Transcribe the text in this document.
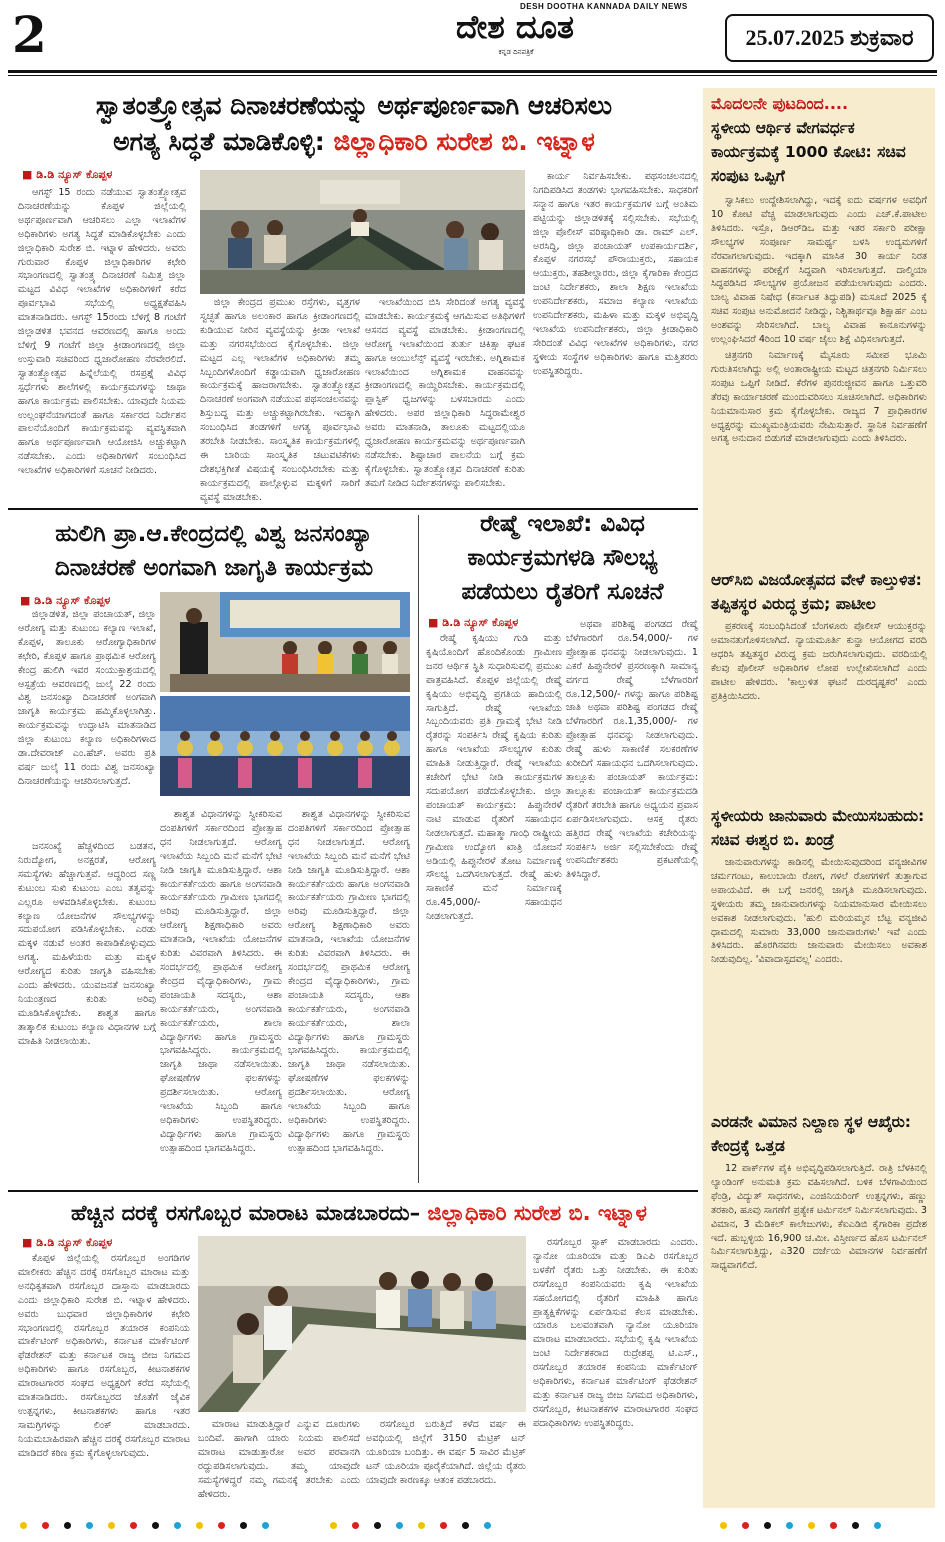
2	DESH DOOTHA KANNADA DAILY NEWS
ದೇಶ ದೂತ
ಕನ್ನಡ ದಿನಪತ್ರಿಕೆ
25.07.2025 ಶುಕ್ರವಾರ
ಸ್ವಾತಂತ್ರ್ಯೋತ್ಸವ ದಿನಾಚರಣೆಯನ್ನು ಅರ್ಥಪೂರ್ಣವಾಗಿ ಆಚರಿಸಲು
ಅಗತ್ಯ ಸಿದ್ಧತೆ ಮಾಡಿಕೊಳ್ಳಿ: ಜಿಲ್ಲಾಧಿಕಾರಿ ಸುರೇಶ ಬಿ. ಇಟ್ನಾಳ
■ ಡಿ.ಡಿ ನ್ಯೂಸ್ ಕೊಪ್ಪಳ

ಆಗಸ್ಟ್ 15 ರಂದು ನಡೆಯುವ ಸ್ವಾತಂತ್ರ್ಯೋತ್ಸವ ದಿನಾಚರಣೆಯನ್ನು ಕೊಪ್ಪಳ ಜಿಲ್ಲೆಯಲ್ಲಿ ಅರ್ಥಪೂರ್ಣವಾಗಿ ಆಚರಿಸಲು ಎಲ್ಲಾ ಇಲಾಖೆಗಳ ಅಧಿಕಾರಿಗಳು ಅಗತ್ಯ ಸಿದ್ಧತೆ ಮಾಡಿಕೊಳ್ಳಬೇಕು ಎಂದು ಜಿಲ್ಲಾಧಿಕಾರಿ ಸುರೇಶ ಬಿ. ಇಟ್ನಾಳ ಹೇಳಿದರು. ಅವರು ಗುರುವಾರ ಕೊಪ್ಪಳ ಜಿಲ್ಲಾಧಿಕಾರಿಗಳ ಕಛೇರಿ ಸಭಾಂಗಣದಲ್ಲಿ ಸ್ವಾತಂತ್ರ್ಯ ದಿನಾಚರಣೆ ನಿಮಿತ್ತ ಜಿಲ್ಲಾ ಮಟ್ಟದ ವಿವಿಧ ಇಲಾಖೆಗಳ ಅಧಿಕಾರಿಗಳಿಗೆ ಕರೆದ ಪೂರ್ವಭಾವಿ ಸಭೆಯಲ್ಲಿ ಅಧ್ಯಕ್ಷತೆವಹಿಸಿ ಮಾತನಾಡಿದರು. ಆಗಸ್ಟ್ 15ರಂದು ಬೆಳಿಗ್ಗೆ 8 ಗಂಟೆಗೆ ಜಿಲ್ಲಾಡಳಿತ ಭವನದ ಆವರಣದಲ್ಲಿ ಹಾಗೂ ಅಂದು ಬೆಳಿಗ್ಗೆ 9 ಗಂಟೆಗೆ ಜಿಲ್ಲಾ ಕ್ರೀಡಾಂಗಣದಲ್ಲಿ ಜಿಲ್ಲಾ ಉಸ್ತುವಾರಿ ಸಚಿವರಿಂದ ಧ್ವಜಾರೋಹಣ ನೆರವೇರಲಿದೆ. ಸ್ವಾತಂತ್ರ್ಯೋತ್ಸವ ಹಿನ್ನೆಲೆಯಲ್ಲಿ ರಸಪ್ರಶ್ನೆ ವಿವಿಧ ಸ್ಪರ್ಧೆಗಳು ಶಾಲೆಗಳಲ್ಲಿ ಕಾರ್ಯಕ್ರಮಗಳನ್ನು ಜಾಥಾ ಹಾಗೂ ಕಾರ್ಯಕ್ರಮ ಪಾಲಿಸಬೇಕು. ಯಾವುದೇ ನಿಯಮ ಉಲ್ಲಂಘನೆಯಾಗದಂತೆ ಹಾಗೂ ಸರ್ಕಾರದ ನಿರ್ದೇಶನ ಪಾಲನೆಯೊಂದಿಗೆ ಕಾರ್ಯಕ್ರಮವನ್ನು ವ್ಯವಸ್ಥಿತವಾಗಿ ಹಾಗೂ ಅರ್ಥಪೂರ್ಣವಾಗಿ ಆಯೋಜಿಸಿ ಅಚ್ಚುಕಟ್ಟಾಗಿ ನಡೆಸಬೇಕು. ಎಂದು ಅಧಿಕಾರಿಗಳಿಗೆ ಸಂಬಂಧಿಸಿದ ಇಲಾಖೆಗಳ ಅಧಿಕಾರಿಗಳಿಗೆ ಸೂಚನೆ ನೀಡಿದರು.

ಜಿಲ್ಲಾ ಕೇಂದ್ರದ ಪ್ರಮುಖ ರಸ್ತೆಗಳು, ವೃತ್ತಗಳ ಸ್ವಚ್ಛತೆ ಹಾಗೂ ಅಲಂಕಾರ ಹಾಗೂ ಕ್ರೀಡಾಂಗಣದಲ್ಲಿ ಕುಡಿಯುವ ನೀರಿನ ವ್ಯವಸ್ಥೆಯನ್ನು ಕ್ರೀಡಾ ಇಲಾಖೆ ಮತ್ತು ನಗರಸಭೆಯಿಂದ ಕೈಗೊಳ್ಳಬೇಕು. ಜಿಲ್ಲಾ ಮಟ್ಟದ ಎಲ್ಲ ಇಲಾಖೆಗಳ ಅಧಿಕಾರಿಗಳು ತಮ್ಮ ಸಿಬ್ಬಂದಿಗಳೊಂದಿಗೆ ಕಡ್ಡಾಯವಾಗಿ ಧ್ವಜಾರೋಹಣ ಕಾರ್ಯಕ್ರಮಕ್ಕೆ ಹಾಜರಾಗಬೇಕು. ಸ್ವಾತಂತ್ರ್ಯೋತ್ಸವ ದಿನಾಚರಣೆ ಅಂಗವಾಗಿ ನಡೆಯುವ ಪಥಸಂಚಲನವನ್ನು ಶಿಸ್ತುಬದ್ಧ ಮತ್ತು ಅಚ್ಚುಕಟ್ಟಾಗಿರಬೇಕು. ಇದಕ್ಕಾಗಿ ಸಂಬಂಧಿಸಿದ ತಂಡಗಳಿಗೆ ಅಗತ್ಯ ಪೂರ್ವಭಾವಿ ತರಬೇತಿ ನೀಡಬೇಕು. ಸಾಂಸ್ಕೃತಿಕ ಕಾರ್ಯಕ್ರಮಗಳಲ್ಲಿ ಈ ಬಾರಿಯ ಸಾಂಸ್ಕೃತಿಕ ಚಟುವಟಿಕೆಗಳು ದೇಶಭಕ್ತಿಗೀತೆ ವಿಷಯಕ್ಕೆ ಸಂಬಂಧಿಸಿರಬೇಕು ಮತ್ತು ಕಾರ್ಯಕ್ರಮದಲ್ಲಿ ಪಾಲ್ಗೊಳ್ಳುವ ಮಕ್ಕಳಿಗೆ ಸಾರಿಗೆ ವ್ಯವಸ್ಥೆ ಮಾಡಬೇಕು.

ಇಲಾಖೆಯಿಂದ ಬಿಸಿ ಸೇರಿದಂತೆ ಅಗತ್ಯ ವ್ಯವಸ್ಥೆ ಮಾಡಬೇಕು. ಕಾರ್ಯಕ್ರಮಕ್ಕೆ ಆಗಮಿಸುವ ಅತಿಥಿಗಳಿಗೆ ಆಸನದ ವ್ಯವಸ್ಥೆ ಮಾಡಬೇಕು. ಕ್ರೀಡಾಂಗಣದಲ್ಲಿ ಆರೋಗ್ಯ ಇಲಾಖೆಯಿಂದ ತುರ್ತು ಚಿಕಿತ್ಸಾ ಘಟಕ ಹಾಗೂ ಆಂಬುಲೆನ್ಸ್ ವ್ಯವಸ್ಥೆ ಇರಬೇಕು. ಅಗ್ನಿಶಾಮಕ ಇಲಾಖೆಯಿಂದ ಅಗ್ನಿಶಾಮಕ ವಾಹನವನ್ನು ಕ್ರೀಡಾಂಗಣದಲ್ಲಿ ಕಾಯ್ದಿರಿಸಬೇಕು. ಕಾರ್ಯಕ್ರಮದಲ್ಲಿ ಪ್ಲಾಸ್ಟಿಕ್ ಧ್ವಜಗಳನ್ನು ಬಳಸಬಾರದು ಎಂದು ಹೇಳಿದರು. ಅಪರ ಜಿಲ್ಲಾಧಿಕಾರಿ ಸಿದ್ಧರಾಮೇಶ್ವರ ಅವರು ಮಾತನಾಡಿ, ತಾಲೂಕು ಮಟ್ಟದಲ್ಲಿಯೂ ಧ್ವಜಾರೋಹಣ ಕಾರ್ಯಕ್ರಮವನ್ನು ಅರ್ಥಪೂರ್ಣವಾಗಿ ನಡೆಸಬೇಕು. ಶಿಷ್ಟಾಚಾರ ಪಾಲನೆಯ ಬಗ್ಗೆ ಕ್ರಮ ಕೈಗೊಳ್ಳಬೇಕು. ಸ್ವಾತಂತ್ರ್ಯೋತ್ಸವ ದಿನಾಚರಣೆ ಕುರಿತು ತಮಗೆ ನೀಡಿದ ನಿರ್ದೇಶನಗಳನ್ನು ಪಾಲಿಸಬೇಕು.

ಕಾರ್ಯ ನಿರ್ವಹಿಸಬೇಕು. ಪಥಸಂಚಲನದಲ್ಲಿ ನಿಗದಿಪಡಿಸಿದ ತಂಡಗಳು ಭಾಗವಹಿಸಬೇಕು. ಸಾಧಕರಿಗೆ ಸನ್ಮಾನ ಹಾಗೂ ಇತರ ಕಾರ್ಯಕ್ರಮಗಳ ಬಗ್ಗೆ ಅಂತಿಮ ಪಟ್ಟಿಯನ್ನು ಜಿಲ್ಲಾಡಳಿತಕ್ಕೆ ಸಲ್ಲಿಸಬೇಕು. ಸಭೆಯಲ್ಲಿ ಜಿಲ್ಲಾ ಪೊಲೀಸ್ ವರಿಷ್ಠಾಧಿಕಾರಿ ಡಾ. ರಾಮ್ ಎಲ್. ಅರಸಿದ್ಧಿ, ಜಿಲ್ಲಾ ಪಂಚಾಯತ್ ಉಪಕಾರ್ಯದರ್ಶಿ, ಕೊಪ್ಪಳ ನಗರಸಭೆ ಪೌರಾಯುಕ್ತರು, ಸಹಾಯಕ ಆಯುಕ್ತರು, ತಹಶೀಲ್ದಾರರು, ಜಿಲ್ಲಾ ಕೈಗಾರಿಕಾ ಕೇಂದ್ರದ ಜಂಟಿ ನಿರ್ದೇಶಕರು, ಶಾಲಾ ಶಿಕ್ಷಣ ಇಲಾಖೆಯ ಉಪನಿರ್ದೇಶಕರು, ಸಮಾಜ ಕಲ್ಯಾಣ ಇಲಾಖೆಯ ಉಪನಿರ್ದೇಶಕರು, ಮಹಿಳಾ ಮತ್ತು ಮಕ್ಕಳ ಅಭಿವೃದ್ಧಿ ಇಲಾಖೆಯ ಉಪನಿರ್ದೇಶಕರು, ಜಿಲ್ಲಾ ಕ್ರೀಡಾಧಿಕಾರಿ ಸೇರಿದಂತೆ ವಿವಿಧ ಇಲಾಖೆಗಳ ಅಧಿಕಾರಿಗಳು, ನಗರ ಸ್ಥಳೀಯ ಸಂಸ್ಥೆಗಳ ಅಧಿಕಾರಿಗಳು ಹಾಗೂ ಮತ್ತಿತರರು ಉಪಸ್ಥಿತರಿದ್ದರು.

ಹುಲಿಗಿ ಪ್ರಾ.ಆ.ಕೇಂದ್ರದಲ್ಲಿ ವಿಶ್ವ ಜನಸಂಖ್ಯಾ
ದಿನಾಚರಣೆ ಅಂಗವಾಗಿ ಜಾಗೃತಿ ಕಾರ್ಯಕ್ರಮ
■ ಡಿ.ಡಿ ನ್ಯೂಸ್ ಕೊಪ್ಪಳ

ಜಿಲ್ಲಾಡಳಿತ, ಜಿಲ್ಲಾ ಪಂಚಾಯತ್, ಜಿಲ್ಲಾ ಆರೋಗ್ಯ ಮತ್ತು ಕುಟುಂಬ ಕಲ್ಯಾಣ ಇಲಾಖೆ, ಕೊಪ್ಪಳ, ತಾಲೂಕು ಆರೋಗ್ಯಾಧಿಕಾರಿಗಳ ಕಛೇರಿ, ಕೊಪ್ಪಳ ಹಾಗೂ ಪ್ರಾಥಮಿಕ ಆರೋಗ್ಯ ಕೇಂದ್ರ ಹುಲಿಗಿ ಇವರ ಸಂಯುಕ್ತಾಶ್ರಯದಲ್ಲಿ ಆಸ್ಪತ್ರೆಯ ಆವರಣದಲ್ಲಿ ಜುಲೈ 22 ರಂದು ವಿಶ್ವ ಜನಸಂಖ್ಯಾ ದಿನಾಚರಣೆ ಅಂಗವಾಗಿ ಜಾಗೃತಿ ಕಾರ್ಯಕ್ರಮ ಹಮ್ಮಿಕೊಳ್ಳಲಾಗಿತ್ತು. ಕಾರ್ಯಕ್ರಮವನ್ನು ಉದ್ಘಾಟಿಸಿ ಮಾತನಾಡಿದ ಜಿಲ್ಲಾ ಕುಟುಂಬ ಕಲ್ಯಾಣ ಅಧಿಕಾರಿಗಳಾದ ಡಾ.ದೇವರಾಜ್ ಎಂ.ಹೆಚ್. ಅವರು ಪ್ರತಿ ವರ್ಷ ಜುಲೈ 11 ರಂದು ವಿಶ್ವ ಜನಸಂಖ್ಯಾ ದಿನಾಚರಣೆಯನ್ನು ಆಚರಿಸಲಾಗುತ್ತದೆ.

ಶಾಶ್ವತ ವಿಧಾನಗಳನ್ನು ಸ್ವೀಕರಿಸುವ ದಂಪತಿಗಳಿಗೆ ಸರ್ಕಾರದಿಂದ ಪ್ರೋತ್ಸಾಹ ಧನ ನೀಡಲಾಗುತ್ತದೆ. ಆರೋಗ್ಯ ಇಲಾಖೆಯ ಸಿಬ್ಬಂದಿ ಮನೆ ಮನೆಗೆ ಭೇಟಿ ನೀಡಿ ಜಾಗೃತಿ ಮೂಡಿಸುತ್ತಿದ್ದಾರೆ. ಆಶಾ ಕಾರ್ಯಕರ್ತೆಯರು ಹಾಗೂ ಅಂಗನವಾಡಿ ಕಾರ್ಯಕರ್ತೆಯರು ಗ್ರಾಮೀಣ ಭಾಗದಲ್ಲಿ ಅರಿವು ಮೂಡಿಸುತ್ತಿದ್ದಾರೆ. ಜಿಲ್ಲಾ ಆರೋಗ್ಯ ಶಿಕ್ಷಣಾಧಿಕಾರಿ ಅವರು ಮಾತನಾಡಿ, ಇಲಾಖೆಯ ಯೋಜನೆಗಳ ಕುರಿತು ವಿವರವಾಗಿ ತಿಳಿಸಿದರು. ಈ ಸಂದರ್ಭದಲ್ಲಿ ಪ್ರಾಥಮಿಕ ಆರೋಗ್ಯ ಕೇಂದ್ರದ ವೈದ್ಯಾಧಿಕಾರಿಗಳು, ಗ್ರಾಮ ಪಂಚಾಯತಿ ಸದಸ್ಯರು, ಆಶಾ ಕಾರ್ಯಕರ್ತೆಯರು, ಅಂಗನವಾಡಿ ಕಾರ್ಯಕರ್ತೆಯರು, ಶಾಲಾ ವಿದ್ಯಾರ್ಥಿಗಳು ಹಾಗೂ ಗ್ರಾಮಸ್ಥರು ಭಾಗವಹಿಸಿದ್ದರು. ಕಾರ್ಯಕ್ರಮದಲ್ಲಿ ಜಾಗೃತಿ ಜಾಥಾ ನಡೆಸಲಾಯಿತು. ಘೋಷಣೆಗಳ ಫಲಕಗಳನ್ನು ಪ್ರದರ್ಶಿಸಲಾಯಿತು. ಆರೋಗ್ಯ ಇಲಾಖೆಯ ಸಿಬ್ಬಂದಿ ಹಾಗೂ ಅಧಿಕಾರಿಗಳು ಉಪಸ್ಥಿತರಿದ್ದರು. ವಿದ್ಯಾರ್ಥಿಗಳು ಹಾಗೂ ಗ್ರಾಮಸ್ಥರು ಉತ್ಸಾಹದಿಂದ ಭಾಗವಹಿಸಿದ್ದರು.

ಜನಸಂಖ್ಯೆ ಹೆಚ್ಚಳದಿಂದ ಬಡತನ, ನಿರುದ್ಯೋಗ, ಅನಕ್ಷರತೆ, ಆರೋಗ್ಯ ಸಮಸ್ಯೆಗಳು ಹೆಚ್ಚಾಗುತ್ತವೆ. ಆದ್ದರಿಂದ ಸಣ್ಣ ಕುಟುಂಬ ಸುಖಿ ಕುಟುಂಬ ಎಂಬ ತತ್ವವನ್ನು ಎಲ್ಲರೂ ಅಳವಡಿಸಿಕೊಳ್ಳಬೇಕು. ಕುಟುಂಬ ಕಲ್ಯಾಣ ಯೋಜನೆಗಳ ಸೌಲಭ್ಯಗಳನ್ನು ಸದುಪಯೋಗ ಪಡಿಸಿಕೊಳ್ಳಬೇಕು. ಎರಡು ಮಕ್ಕಳ ನಡುವೆ ಅಂತರ ಕಾಪಾಡಿಕೊಳ್ಳುವುದು ಅಗತ್ಯ. ಮಹಿಳೆಯರು ಮತ್ತು ಮಕ್ಕಳ ಆರೋಗ್ಯದ ಕುರಿತು ಜಾಗೃತಿ ವಹಿಸಬೇಕು ಎಂದು ಹೇಳಿದರು. ಯುವಜನತೆ ಜನಸಂಖ್ಯಾ ನಿಯಂತ್ರಣದ ಕುರಿತು ಅರಿವು ಮೂಡಿಸಿಕೊಳ್ಳಬೇಕು. ಶಾಶ್ವತ ಹಾಗೂ ತಾತ್ಕಾಲಿಕ ಕುಟುಂಬ ಕಲ್ಯಾಣ ವಿಧಾನಗಳ ಬಗ್ಗೆ ಮಾಹಿತಿ ನೀಡಲಾಯಿತು.

ಶಾಶ್ವತ ವಿಧಾನಗಳನ್ನು ಸ್ವೀಕರಿಸುವ ದಂಪತಿಗಳಿಗೆ ಸರ್ಕಾರದಿಂದ ಪ್ರೋತ್ಸಾಹ ಧನ ನೀಡಲಾಗುತ್ತದೆ. ಆರೋಗ್ಯ ಇಲಾಖೆಯ ಸಿಬ್ಬಂದಿ ಮನೆ ಮನೆಗೆ ಭೇಟಿ ನೀಡಿ ಜಾಗೃತಿ ಮೂಡಿಸುತ್ತಿದ್ದಾರೆ. ಆಶಾ ಕಾರ್ಯಕರ್ತೆಯರು ಹಾಗೂ ಅಂಗನವಾಡಿ ಕಾರ್ಯಕರ್ತೆಯರು ಗ್ರಾಮೀಣ ಭಾಗದಲ್ಲಿ ಅರಿವು ಮೂಡಿಸುತ್ತಿದ್ದಾರೆ. ಜಿಲ್ಲಾ ಆರೋಗ್ಯ ಶಿಕ್ಷಣಾಧಿಕಾರಿ ಅವರು ಮಾತನಾಡಿ, ಇಲಾಖೆಯ ಯೋಜನೆಗಳ ಕುರಿತು ವಿವರವಾಗಿ ತಿಳಿಸಿದರು. ಈ ಸಂದರ್ಭದಲ್ಲಿ ಪ್ರಾಥಮಿಕ ಆರೋಗ್ಯ ಕೇಂದ್ರದ ವೈದ್ಯಾಧಿಕಾರಿಗಳು, ಗ್ರಾಮ ಪಂಚಾಯತಿ ಸದಸ್ಯರು, ಆಶಾ ಕಾರ್ಯಕರ್ತೆಯರು, ಅಂಗನವಾಡಿ ಕಾರ್ಯಕರ್ತೆಯರು, ಶಾಲಾ ವಿದ್ಯಾರ್ಥಿಗಳು ಹಾಗೂ ಗ್ರಾಮಸ್ಥರು ಭಾಗವಹಿಸಿದ್ದರು. ಕಾರ್ಯಕ್ರಮದಲ್ಲಿ ಜಾಗೃತಿ ಜಾಥಾ ನಡೆಸಲಾಯಿತು. ಘೋಷಣೆಗಳ ಫಲಕಗಳನ್ನು ಪ್ರದರ್ಶಿಸಲಾಯಿತು. ಆರೋಗ್ಯ ಇಲಾಖೆಯ ಸಿಬ್ಬಂದಿ ಹಾಗೂ ಅಧಿಕಾರಿಗಳು ಉಪಸ್ಥಿತರಿದ್ದರು. ವಿದ್ಯಾರ್ಥಿಗಳು ಹಾಗೂ ಗ್ರಾಮಸ್ಥರು ಉತ್ಸಾಹದಿಂದ ಭಾಗವಹಿಸಿದ್ದರು.

ರೇಷ್ಮೆ ಇಲಾಖೆ: ವಿವಿಧ
ಕಾರ್ಯಕ್ರಮಗಳಡಿ ಸೌಲಭ್ಯ
ಪಡೆಯಲು ರೈತರಿಗೆ ಸೂಚನೆ
■ ಡಿ.ಡಿ ನ್ಯೂಸ್ ಕೊಪ್ಪಳ

ರೇಷ್ಮೆ ಕೃಷಿಯು ಗುಡಿ ಮತ್ತು ಕೃಷಿಯೊಂದಿಗೆ ಹೊಂದಿಕೊಂಡು ಗ್ರಾಮೀಣ ಜನರ ಆರ್ಥಿಕ ಸ್ಥಿತಿ ಸುಧಾರಿಸುವಲ್ಲಿ ಪ್ರಮುಖ ಪಾತ್ರವಹಿಸಿದೆ. ಕೊಪ್ಪಳ ಜಿಲ್ಲೆಯಲ್ಲಿ ರೇಷ್ಮೆ ಕೃಷಿಯು ಅಭಿವೃದ್ಧಿ ಪ್ರಗತಿಯ ಹಾದಿಯಲ್ಲಿ ಸಾಗುತ್ತಿದೆ. ರೇಷ್ಮೆ ಇಲಾಖೆಯ ಸಿಬ್ಬಂದಿಯವರು ಪ್ರತಿ ಗ್ರಾಮಕ್ಕೆ ಭೇಟಿ ನೀಡಿ ರೈತರನ್ನು ಸಂಪರ್ಕಿಸಿ ರೇಷ್ಮೆ ಕೃಷಿಯ ಕುರಿತು ಹಾಗೂ ಇಲಾಖೆಯ ಸೌಲಭ್ಯಗಳ ಕುರಿತು ಮಾಹಿತಿ ನೀಡುತ್ತಿದ್ದಾರೆ. ರೇಷ್ಮೆ ಇಲಾಖೆಯ ಕಚೇರಿಗೆ ಭೇಟಿ ನೀಡಿ ಕಾರ್ಯಕ್ರಮಗಳ ಸದುಪಯೋಗ ಪಡೆದುಕೊಳ್ಳಬೇಕು. ಜಿಲ್ಲಾ ಪಂಚಾಯತ್ ಕಾರ್ಯಕ್ರಮ: ಹಿಪ್ಪುನೇರಳೆ ನಾಟಿ ಮಾಡುವ ರೈತರಿಗೆ ಸಹಾಯಧನ ನೀಡಲಾಗುತ್ತದೆ. ಮಹಾತ್ಮಾ ಗಾಂಧಿ ರಾಷ್ಟ್ರೀಯ ಗ್ರಾಮೀಣ ಉದ್ಯೋಗ ಖಾತ್ರಿ ಯೋಜನೆ ಅಡಿಯಲ್ಲಿ ಹಿಪ್ಪುನೇರಳೆ ತೋಟ ನಿರ್ಮಾಣಕ್ಕೆ ಸೌಲಭ್ಯ ಒದಗಿಸಲಾಗುತ್ತದೆ. ರೇಷ್ಮೆ ಹುಳು ಸಾಕಾಣಿಕೆ ಮನೆ ನಿರ್ಮಾಣಕ್ಕೆ ರೂ.45,000/- ಸಹಾಯಧನ ನೀಡಲಾಗುತ್ತದೆ.

ಅಥವಾ ಪರಿಶಿಷ್ಟ ಪಂಗಡದ ರೇಷ್ಮೆ ಬೆಳೆಗಾರರಿಗೆ ರೂ.54,000/- ಗಳ ಪ್ರೋತ್ಸಾಹ ಧನವನ್ನು ನೀಡಲಾಗುವುದು. 1 ಎಕರೆ ಹಿಪ್ಪುನೇರಳೆ ಪ್ರಸರಣಕ್ಕಾಗಿ ಸಾಮಾನ್ಯ ವರ್ಗದ ರೇಷ್ಮೆ ಬೆಳೆಗಾರರಿಗೆ ರೂ.12,500/- ಗಳನ್ನು ಹಾಗೂ ಪರಿಶಿಷ್ಟ ಜಾತಿ ಅಥವಾ ಪರಿಶಿಷ್ಟ ಪಂಗಡದ ರೇಷ್ಮೆ ಬೆಳೆಗಾರರಿಗೆ ರೂ.1,35,000/- ಗಳ ಪ್ರೋತ್ಸಾಹ ಧನವನ್ನು ನೀಡಲಾಗುವುದು. ರೇಷ್ಮೆ ಹುಳು ಸಾಕಾಣಿಕೆ ಸಲಕರಣೆಗಳ ಖರೀದಿಗೆ ಸಹಾಯಧನ ಒದಗಿಸಲಾಗುವುದು. ತಾಲ್ಲೂಕು ಪಂಚಾಯತ್ ಕಾರ್ಯಕ್ರಮ: ತಾಲ್ಲೂಕು ಪಂಚಾಯತ್ ಕಾರ್ಯಕ್ರಮದಡಿ ರೈತರಿಗೆ ತರಬೇತಿ ಹಾಗೂ ಅಧ್ಯಯನ ಪ್ರವಾಸ ಏರ್ಪಡಿಸಲಾಗುವುದು. ಆಸಕ್ತ ರೈತರು ಹತ್ತಿರದ ರೇಷ್ಮೆ ಇಲಾಖೆಯ ಕಚೇರಿಯನ್ನು ಸಂಪರ್ಕಿಸಿ ಅರ್ಜಿ ಸಲ್ಲಿಸಬೇಕೆಂದು ರೇಷ್ಮೆ ಉಪನಿರ್ದೇಶಕರು ಪ್ರಕಟಣೆಯಲ್ಲಿ ತಿಳಿಸಿದ್ದಾರೆ.

ಹೆಚ್ಚಿನ ದರಕ್ಕೆ ರಸಗೊಬ್ಬರ ಮಾರಾಟ ಮಾಡಬಾರದು– ಜಿಲ್ಲಾಧಿಕಾರಿ ಸುರೇಶ ಬಿ. ಇಟ್ನಾಳ
■ ಡಿ.ಡಿ ನ್ಯೂಸ್ ಕೊಪ್ಪಳ

ಕೊಪ್ಪಳ ಜಿಲ್ಲೆಯಲ್ಲಿ ರಸಗೊಬ್ಬರ ಅಂಗಡಿಗಳ ಮಾಲೀಕರು ಹೆಚ್ಚಿನ ದರಕ್ಕೆ ರಸಗೊಬ್ಬರ ಮಾರಾಟ ಮತ್ತು ಅನಧಿಕೃತವಾಗಿ ರಸಗೊಬ್ಬರ ದಾಸ್ತಾನು ಮಾಡಬಾರದು ಎಂದು ಜಿಲ್ಲಾಧಿಕಾರಿ ಸುರೇಶ ಬಿ. ಇಟ್ನಾಳ ಹೇಳಿದರು. ಅವರು ಬುಧವಾರ ಜಿಲ್ಲಾಧಿಕಾರಿಗಳ ಕಛೇರಿ ಸಭಾಂಗಣದಲ್ಲಿ ರಸಗೊಬ್ಬರ ತಯಾರಕ ಕಂಪನಿಯ ಮಾರ್ಕೆಟಿಂಗ್ ಅಧಿಕಾರಿಗಳು, ಕರ್ನಾಟಕ ಮಾರ್ಕೆಟಿಂಗ್ ಫೆಡರೇಶನ್ ಮತ್ತು ಕರ್ನಾಟಕ ರಾಜ್ಯ ಬೀಜ ನಿಗಮದ ಅಧಿಕಾರಿಗಳು ಹಾಗೂ ರಸಗೊಬ್ಬರ, ಕೀಟನಾಶಕಗಳ ಮಾರಾಟಗಾರರ ಸಂಘದ ಅಧ್ಯಕ್ಷರಿಗೆ ಕರೆದ ಸಭೆಯಲ್ಲಿ ಮಾತನಾಡಿದರು. ರಸಗೊಬ್ಬರದ ಜೊತೆಗೆ ಜೈವಿಕ ಉತ್ಪನ್ನಗಳು, ಕೀಟನಾಶಕಗಳು ಹಾಗೂ ಇತರ ಸಾಮಗ್ರಿಗಳನ್ನು ಲಿಂಕ್ ಮಾಡಬಾರದು. ನಿಯಮಬಾಹಿರವಾಗಿ ಹೆಚ್ಚಿನ ದರಕ್ಕೆ ರಸಗೊಬ್ಬರ ಮಾರಾಟ ಮಾಡಿದರೆ ಕಠಿಣ ಕ್ರಮ ಕೈಗೊಳ್ಳಲಾಗುವುದು.

ಮಾರಾಟ ಮಾಡುತ್ತಿದ್ದಾರೆ ಎನ್ನುವ ದೂರುಗಳು ಬಂದಿವೆ. ಹಾಗಾಗಿ ಯಾರು ನಿಯಮ ಪಾಲಿಸದೆ ಮಾರಾಟ ಮಾಡುತ್ತಾರೋ ಅವರ ಪರವಾನಗಿ ರದ್ದುಪಡಿಸಲಾಗುವುದು. ತಮ್ಮ ಯಾವುದೇ ಸಮಸ್ಯೆಗಳಿದ್ದರೆ ನಮ್ಮ ಗಮನಕ್ಕೆ ತರಬೇಕು ಎಂದು ಹೇಳಿದರು.

ರಸಗೊಬ್ಬರ ಬರುತ್ತಿದೆ ಕಳೆದ ವರ್ಷ ಈ ಅವಧಿಯಲ್ಲಿ ಜಿಲ್ಲೆಗೆ 3150 ಮೆಟ್ರಿಕ್ ಟನ್ ಯೂರಿಯಾ ಬಂದಿತ್ತು. ಈ ವರ್ಷ 5 ಸಾವಿರ ಮೆಟ್ರಿಕ್ ಟನ್ ಯೂರಿಯಾ ಪೂರೈಕೆಯಾಗಿದೆ. ಜಿಲ್ಲೆಯ ರೈತರು ಯಾವುದೇ ಕಾರಣಕ್ಕೂ ಆತಂಕ ಪಡಬಾರದು.

ರಸಗೊಬ್ಬರ ಸ್ಟಾಕ್ ಮಾಡಬಾರದು ಎಂದರು. ನ್ಯಾನೋ ಯೂರಿಯಾ ಮತ್ತು ಡಿಎಪಿ ರಸಗೊಬ್ಬರ ಬಳಕೆಗೆ ರೈತರು ಒತ್ತು ನೀಡಬೇಕು. ಈ ಕುರಿತು ರಸಗೊಬ್ಬರ ಕಂಪನಿಯವರು ಕೃಷಿ ಇಲಾಖೆಯ ಸಹಯೋಗದಲ್ಲಿ ರೈತರಿಗೆ ಮಾಹಿತಿ ಹಾಗೂ ಪ್ರಾತ್ಯಕ್ಷಿಕೆಗಳನ್ನು ಏರ್ಪಡಿಸುವ ಕೆಲಸ ಮಾಡಬೇಕು. ಯಾರೂ ಬಲವಂತವಾಗಿ ನ್ಯಾನೋ ಯೂರಿಯಾ ಮಾರಾಟ ಮಾಡಬಾರದು. ಸಭೆಯಲ್ಲಿ ಕೃಷಿ ಇಲಾಖೆಯ ಜಂಟಿ ನಿರ್ದೇಶಕರಾದ ರುದ್ರೇಶಪ್ಪ ಟಿ.ಎಸ್., ರಸಗೊಬ್ಬರ ತಯಾರಕ ಕಂಪನಿಯ ಮಾರ್ಕೆಟಿಂಗ್ ಅಧಿಕಾರಿಗಳು, ಕರ್ನಾಟಕ ಮಾರ್ಕೆಟಿಂಗ್ ಫೆಡರೇಶನ್ ಮತ್ತು ಕರ್ನಾಟಕ ರಾಜ್ಯ ಬೀಜ ನಿಗಮದ ಅಧಿಕಾರಿಗಳು, ರಸಗೊಬ್ಬರ, ಕೀಟನಾಶಕಗಳ ಮಾರಾಟಗಾರರ ಸಂಘದ ಪದಾಧಿಕಾರಿಗಳು ಉಪಸ್ಥಿತರಿದ್ದರು.

ಮೊದಲನೇ ಪುಟದಿಂದ....
ಸ್ಥಳೀಯ ಆರ್ಥಿಕ ವೇಗವರ್ಧಕ ಕಾರ್ಯಕ್ರಮಕ್ಕೆ 1000 ಕೋಟಿ: ಸಚಿವ ಸಂಪುಟ ಒಪ್ಪಿಗೆ

ಸ್ವಾಸಿಕಲು ಉದ್ದೇಶಿಸಲಾಗಿದ್ದು, ಇದಕ್ಕೆ ಐದು ವರ್ಷಗಳ ಅವಧಿಗೆ 10 ಕೋಟಿ ವೆಚ್ಚ ಮಾಡಲಾಗುವುದು ಎಂದು ಎಚ್.ಕೆ.ಪಾಟೀಲ ತಿಳಿಸಿದರು. ಇಸ್ರೊ, ಡಿಆರ್‌ಡಿಒ ಮತ್ತು ಇತರ ಸರ್ಕಾರಿ ಪರೀಕ್ಷಾ ಸೌಲಭ್ಯಗಳ ಸಂಪೂರ್ಣ ಸಾಮರ್ಥ್ಯ ಬಳಸಿ ಉದ್ಯಮಗಳಿಗೆ ನೆರವಾಗಲಾಗುವುದು. ಇದಕ್ಕಾಗಿ ಮಾಸಿಕ 30 ಕಾರ್ಯ ನಿರತ ವಾಹನಗಳನ್ನು ಪರೀಕ್ಷೆಗೆ ಸಿದ್ಧವಾಗಿ ಇರಿಸಲಾಗುತ್ತದೆ. ದಾಲ್ಮಿಯಾ ಸಿದ್ಧಪಡಿಸಿದ ಸೌಲಭ್ಯಗಳ ಪ್ರಯೋಜನ ಪಡೆಯಲಾಗುವುದು ಎಂದರು. ಬಾಲ್ಯ ವಿವಾಹ ನಿಷೇಧ (ಕರ್ನಾಟಕ ತಿದ್ದುಪಡಿ) ಮಸೂದೆ 2025 ಕ್ಕೆ ಸಚಿವ ಸಂಪುಟ ಅನುಮೋದನೆ ನೀಡಿದ್ದು, ನಿಶ್ಚಿತಾರ್ಥವೂ ಶಿಕ್ಷಾರ್ಹ ಎಂಬ ಅಂಶವನ್ನು ಸೇರಿಸಲಾಗಿದೆ. ಬಾಲ್ಯ ವಿವಾಹ ಕಾನೂನುಗಳನ್ನು ಉಲ್ಲಂಘಿಸಿದರೆ 4ರಿಂದ 10 ವರ್ಷ ಜೈಲು ಶಿಕ್ಷೆ ವಿಧಿಸಲಾಗುತ್ತದೆ.

ಚಿತ್ರನಗರಿ ನಿರ್ಮಾಣಕ್ಕೆ ಮೈಸೂರು ಸಮೀಪ ಭೂಮಿ ಗುರುತಿಸಲಾಗಿದ್ದು ಅಲ್ಲಿ ಅಂತಾರಾಷ್ಟ್ರೀಯ ಮಟ್ಟದ ಚಿತ್ರನಗರಿ ನಿರ್ಮಿಸಲು ಸಂಪುಟ ಒಪ್ಪಿಗೆ ನೀಡಿದೆ. ಕೆರೆಗಳ ಪುನರುಜ್ಜೀವನ ಹಾಗೂ ಒತ್ತುವರಿ ತೆರವು ಕಾರ್ಯಾಚರಣೆ ಮುಂದುವರಿಸಲು ಸೂಚಿಸಲಾಗಿದೆ. ಅಧಿಕಾರಿಗಳು ನಿಯಮಾನುಸಾರ ಕ್ರಮ ಕೈಗೊಳ್ಳಬೇಕು. ರಾಜ್ಯದ 7 ಪ್ರಾಧಿಕಾರಗಳ ಅಧ್ಯಕ್ಷರನ್ನು ಮುಖ್ಯಮಂತ್ರಿಯವರು ನೇಮಿಸುತ್ತಾರೆ. ಸ್ಥಾನಿಕ ನಿರ್ವಹಣೆಗೆ ಅಗತ್ಯ ಅನುದಾನ ಬಿಡುಗಡೆ ಮಾಡಲಾಗುವುದು ಎಂದು ತಿಳಿಸಿದರು.

ಆರ್‌ಸಿಬಿ ವಿಜಯೋತ್ಸವದ ವೇಳೆ ಕಾಲ್ತುಳಿತ: ತಪ್ಪಿತಸ್ಥರ ವಿರುದ್ಧ ಕ್ರಮ; ಪಾಟೀಲ

ಪ್ರಕರಣಕ್ಕೆ ಸಂಬಂಧಿಸಿದಂತೆ ಬೆಂಗಳೂರು ಪೊಲೀಸ್ ಆಯುಕ್ತರನ್ನು ಅಮಾನತುಗೊಳಿಸಲಾಗಿದೆ. ನ್ಯಾಯಮೂರ್ತಿ ಕುನ್ಹಾ ಆಯೋಗದ ವರದಿ ಆಧರಿಸಿ ತಪ್ಪಿತಸ್ಥರ ವಿರುದ್ಧ ಕ್ರಮ ಜರುಗಿಸಲಾಗುವುದು. ವರದಿಯಲ್ಲಿ ಕೆಲವು ಪೊಲೀಸ್ ಅಧಿಕಾರಿಗಳ ಲೋಪ ಉಲ್ಲೇಖಿಸಲಾಗಿದೆ ಎಂದು ಪಾಟೀಲ ಹೇಳಿದರು. 'ಕಾಲ್ತುಳಿತ ಘಟನೆ ದುರದೃಷ್ಟಕರ' ಎಂದು ಪ್ರತಿಕ್ರಿಯಿಸಿದರು.

ಸ್ಥಳೀಯರು ಜಾನುವಾರು ಮೇಯಿಸಬಹುದು: ಸಚಿವ ಈಶ್ವರ ಬಿ. ಖಂಡ್ರೆ

ಜಾನುವಾರುಗಳನ್ನು ಕಾಡಿನಲ್ಲಿ ಮೇಯಿಸುವುದರಿಂದ ವನ್ಯಜೀವಿಗಳ ಚರ್ಮಗಂಟು, ಕಾಲುಬಾಯಿ ರೋಗ, ಗಳಲೆ ರೋಗಗಳಿಗೆ ತುತ್ತಾಗುವ ಅಪಾಯವಿದೆ. ಈ ಬಗ್ಗೆ ಜನರಲ್ಲಿ ಜಾಗೃತಿ ಮೂಡಿಸಲಾಗುವುದು. ಸ್ಥಳೀಯರು ತಮ್ಮ ಜಾನುವಾರುಗಳನ್ನು ನಿಯಮಾನುಸಾರ ಮೇಯಿಸಲು ಅವಕಾಶ ನೀಡಲಾಗುವುದು. 'ಹುಲಿ ಮರಿಯಮ್ಮನ ಬೆಟ್ಟ ವನ್ಯಜೀವಿ ಧಾಮದಲ್ಲಿ ಸುಮಾರು 33,000 ಜಾನುವಾರುಗಳು' ಇವೆ ಎಂದು ತಿಳಿಸಿದರು. ಹೊರಗಿನವರು ಜಾನುವಾರು ಮೇಯಿಸಲು ಅವಕಾಶ ನೀಡುವುದಿಲ್ಲ. 'ವಿವಾದಾಸ್ಪದವಲ್ಲ' ಎಂದರು.

ಎರಡನೇ ವಿಮಾನ ನಿಲ್ದಾಣ ಸ್ಥಳ ಆಖೈರು: ಕೇಂದ್ರಕ್ಕೆ ಒತ್ತಡ

12 ಪಾರ್ಕ್‌ಗಳ ಪೈಕಿ ಅಭಿವೃದ್ಧಿಪಡಿಸಲಾಗುತ್ತಿದೆ. ರಾತ್ರಿ ಬೆಳಕಿನಲ್ಲಿ ಲ್ಯಾಂಡಿಂಗ್ ಅನುಮತಿ ಕ್ರಮ ವಹಿಸಲಾಗಿದೆ. ಬಳಿಕ ಬೆಳಗಾವಿಯಿಂದ ಫೆಂಡ್ರಿ, ವಿದ್ಯುತ್ ಸಾಧನಗಳು, ಎಂಜಿನಿಯರಿಂಗ್ ಉತ್ಪನ್ನಗಳು, ಹಣ್ಣು ತರಕಾರಿ, ಹೂವು ಸಾಗಣೆಗೆ ಪ್ರತ್ಯೇಕ ಟರ್ಮಿನಲ್ ನಿರ್ಮಿಸಲಾಗುವುದು. 3 ವಿಮಾನ, 3 ಮೆಡಿಕಲ್ ಕಾಲೇಜುಗಳು, ಕೆಐಎಡಿಬಿ ಕೈಗಾರಿಕಾ ಪ್ರದೇಶ ಇದೆ. ಹುಬ್ಬಳ್ಳಿಯ 16,900 ಚ.ಮೀ. ವಿಸ್ತೀರ್ಣದ ಹೊಸ ಟರ್ಮಿನಲ್ ನಿರ್ಮಿಸಲಾಗುತ್ತಿದ್ದು, ಎ320 ದರ್ಜೆಯ ವಿಮಾನಗಳ ನಿರ್ವಹಣೆಗೆ ಸಾಧ್ಯವಾಗಲಿದೆ.
